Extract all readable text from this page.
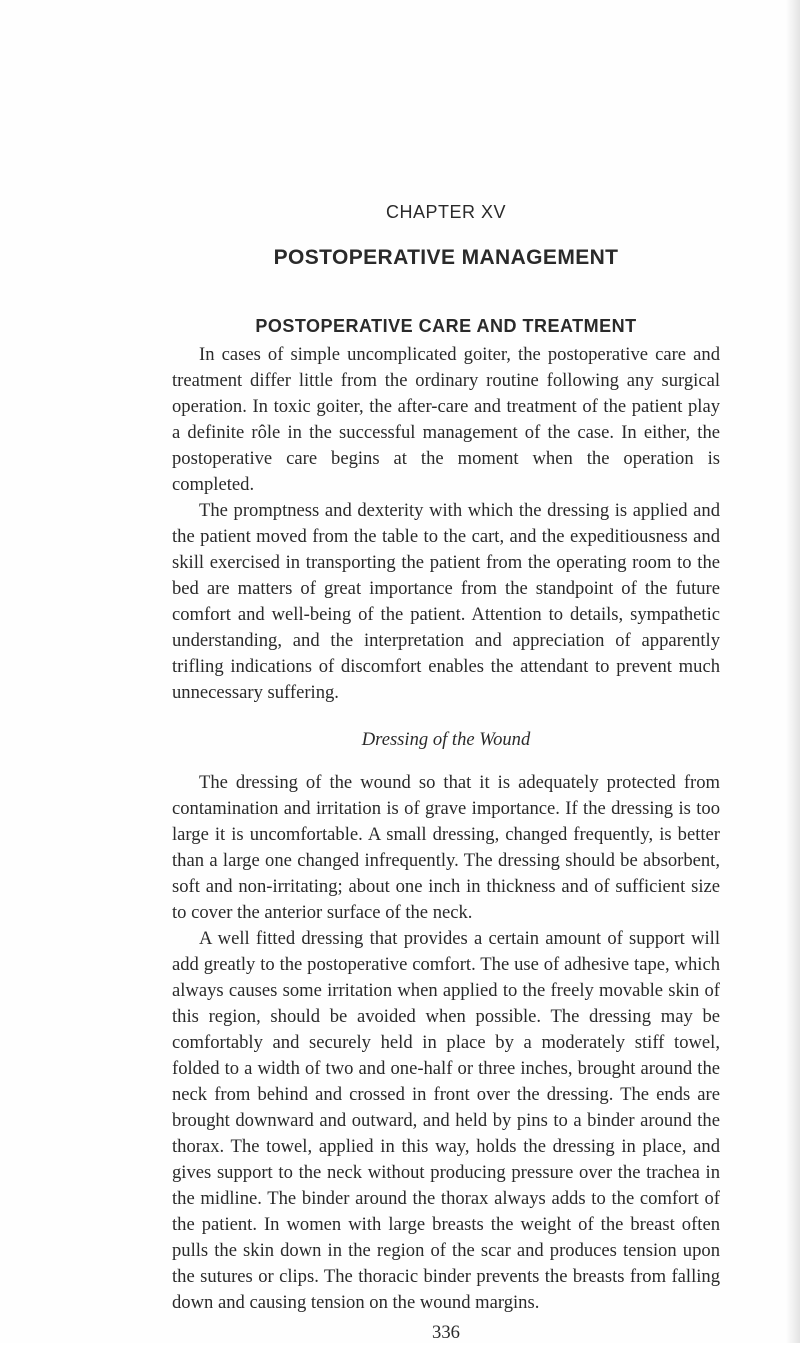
CHAPTER XV
POSTOPERATIVE MANAGEMENT
POSTOPERATIVE CARE AND TREATMENT

In cases of simple uncomplicated goiter, the postoperative care and treatment differ little from the ordinary routine following any surgical operation. In toxic goiter, the after-care and treatment of the patient play a definite rôle in the successful management of the case. In either, the postoperative care begins at the moment when the operation is completed.

The promptness and dexterity with which the dressing is applied and the patient moved from the table to the cart, and the expeditiousness and skill exercised in transporting the patient from the operating room to the bed are matters of great importance from the standpoint of the future comfort and well-being of the patient. Attention to details, sympathetic understanding, and the interpretation and appreciation of apparently trifling indications of discomfort enables the attendant to prevent much unnecessary suffering.

Dressing of the Wound

The dressing of the wound so that it is adequately protected from contamination and irritation is of grave importance. If the dressing is too large it is uncomfortable. A small dressing, changed frequently, is better than a large one changed infrequently. The dressing should be absorbent, soft and non-irritating; about one inch in thickness and of sufficient size to cover the anterior surface of the neck.

A well fitted dressing that provides a certain amount of support will add greatly to the postoperative comfort. The use of adhesive tape, which always causes some irritation when applied to the freely movable skin of this region, should be avoided when possible. The dressing may be comfortably and securely held in place by a moderately stiff towel, folded to a width of two and one-half or three inches, brought around the neck from behind and crossed in front over the dressing. The ends are brought downward and outward, and held by pins to a binder around the thorax. The towel, applied in this way, holds the dressing in place, and gives support to the neck without producing pressure over the trachea in the midline. The binder around the thorax always adds to the comfort of the patient. In women with large breasts the weight of the breast often pulls the skin down in the region of the scar and produces tension upon the sutures or clips. The thoracic binder prevents the breasts from falling down and causing tension on the wound margins.

336
